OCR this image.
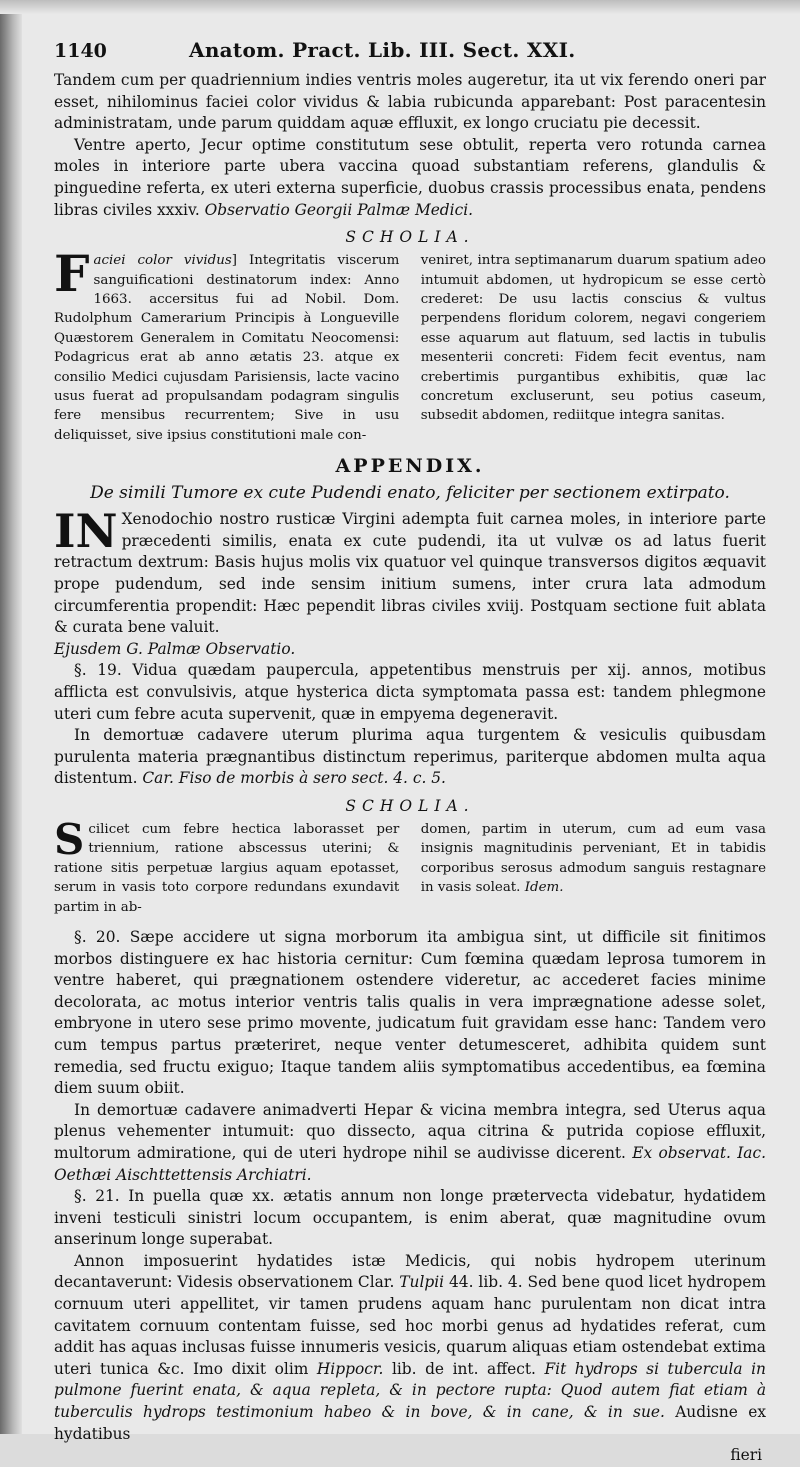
1140	Anatom. Pract. Lib. III. Sect. XXI.

Tandem cum per quadriennium indies ventris moles augeretur, ita ut vix ferendo oneri par esset, nihilominus faciei color vividus & labia rubicunda apparebant: Post paracentesin administratam, unde parum quiddam aquæ effluxit, ex longo cruciatu pie decessit.

Ventre aperto, Jecur optime constitutum sese obtulit, reperta vero rotunda carnea moles in interiore parte ubera vaccina quoad substantiam referens, glandulis & pinguedine referta, ex uteri externa superficie, duobus crassis processibus enata, pendens libras civiles xxxiv. Observatio Georgii Palmæ Medici.

SCHOLIA.

Faciei color vividus] Integritatis viscerum sanguificationi destinatorum index: Anno 1663. accersitus fui ad Nobil. Dom. Rudolphum Camerarium Principis à Longueville Quæstorem Generalem in Comitatu Neocomensi: Podagricus erat ab anno ætatis 23. atque ex consilio Medici cujusdam Parisiensis, lacte vacino usus fuerat ad propulsandam podagram singulis fere mensibus recurrentem; Sive in usu deliquisset, sive ipsius constitutioni male con-

veniret, intra septimanarum duarum spatium adeo intumuit abdomen, ut hydropicum se esse certò crederet: De usu lactis conscius & vultus perpendens floridum colorem, negavi congeriem esse aquarum aut flatuum, sed lactis in tubulis mesenterii concreti: Fidem fecit eventus, nam crebertimis purgantibus exhibitis, quæ lac concretum excluserunt, seu potius caseum, subsedit abdomen, rediitque integra sanitas.

APPENDIX.
De simili Tumore ex cute Pudendi enato, feliciter per sectionem extirpato.

IN Xenodochio nostro rusticæ Virgini adempta fuit carnea moles, in interiore parte præcedenti similis, enata ex cute pudendi, ita ut vulvæ os ad latus fuerit retractum dextrum: Basis hujus molis vix quatuor vel quinque transversos digitos æquavit prope pudendum, sed inde sensim initium sumens, inter crura lata admodum circumferentia propendit: Hæc pependit libras civiles xviij. Postquam sectione fuit ablata & curata bene valuit.

Ejusdem G. Palmæ Observatio.

§. 19. Vidua quædam paupercula, appetentibus menstruis per xij. annos, motibus afflicta est convulsivis, atque hysterica dicta symptomata passa est: tandem phlegmone uteri cum febre acuta supervenit, quæ in empyema degeneravit.

In demortuæ cadavere uterum plurima aqua turgentem & vesiculis quibusdam purulenta materia prægnantibus distinctum reperimus, pariterque abdomen multa aqua distentum. Car. Fiso de morbis à sero sect. 4. c. 5.

SCHOLIA.

Scilicet cum febre hectica laborasset per triennium, ratione abscessus uterini; & ratione sitis perpetuæ largius aquam epotasset, serum in vasis toto corpore redundans exundavit partim in ab-

domen, partim in uterum, cum ad eum vasa insignis magnitudinis perveniant, Et in tabidis corporibus serosus admodum sanguis restagnare in vasis soleat. Idem.

§. 20. Sæpe accidere ut signa morborum ita ambigua sint, ut difficile sit finitimos morbos distinguere ex hac historia cernitur: Cum fœmina quædam leprosa tumorem in ventre haberet, qui prægnationem ostendere videretur, ac accederet facies minime decolorata, ac motus interior ventris talis qualis in vera imprægnatione adesse solet, embryone in utero sese primo movente, judicatum fuit gravidam esse hanc: Tandem vero cum tempus partus præteriret, neque venter detumesceret, adhibita quidem sunt remedia, sed fructu exiguo; Itaque tandem aliis symptomatibus accedentibus, ea fœmina diem suum obiit.

In demortuæ cadavere animadverti Hepar & vicina membra integra, sed Uterus aqua plenus vehementer intumuit: quo dissecto, aqua citrina & putrida copiose effluxit, multorum admiratione, qui de uteri hydrope nihil se audivisse dicerent. Ex observat. Iac. Oethæi Aischttettensis Archiatri.

§. 21. In puella quæ xx. ætatis annum non longe prætervecta videbatur, hydatidem inveni testiculi sinistri locum occupantem, is enim aberat, quæ magnitudine ovum anserinum longe superabat.

Annon imposuerint hydatides istæ Medicis, qui nobis hydropem uterinum decantaverunt: Videsis observationem Clar. Tulpii 44. lib. 4. Sed bene quod licet hydropem cornuum uteri appellitet, vir tamen prudens aquam hanc purulentam non dicat intra cavitatem cornuum contentam fuisse, sed hoc morbi genus ad hydatides referat, cum addit has aquas inclusas fuisse innumeris vesicis, quarum aliquas etiam ostendebat extima uteri tunica &c. Imo dixit olim Hippocr. lib. de int. affect. Fit hydrops si tubercula in pulmone fuerint enata, & aqua repleta, & in pectore rupta: Quod autem fiat etiam à tuberculis hydrops testimonium habeo & in bove, & in cane, & in sue. Audisne ex hydatibus

fieri
